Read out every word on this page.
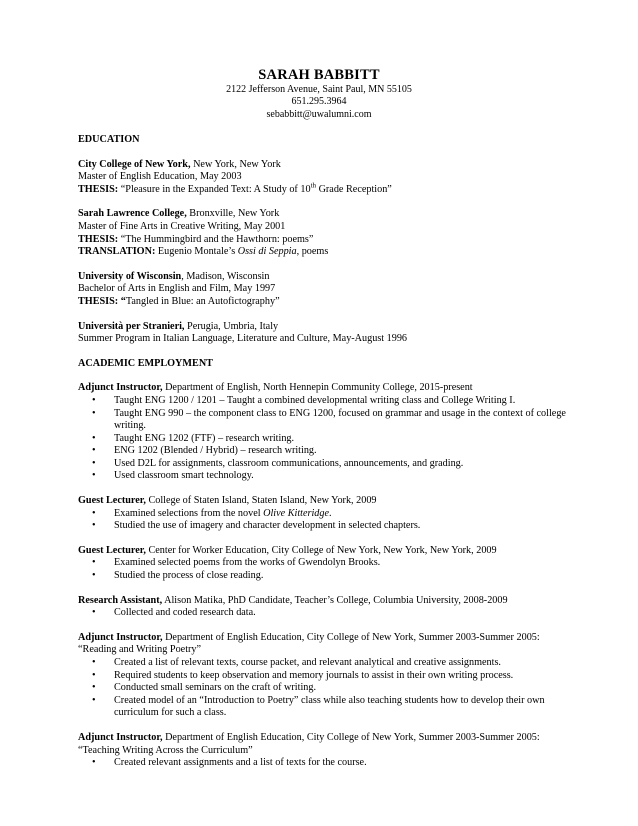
SARAH BABBITT
2122 Jefferson Avenue, Saint Paul, MN 55105
651.295.3964
sebabbitt@uwalumni.com
EDUCATION
City College of New York, New York, New York
Master of English Education, May 2003
THESIS: “Pleasure in the Expanded Text: A Study of 10th Grade Reception”
Sarah Lawrence College, Bronxville, New York
Master of Fine Arts in Creative Writing, May 2001
THESIS: “The Hummingbird and the Hawthorn: poems”
TRANSLATION: Eugenio Montale’s Ossi di Seppia, poems
University of Wisconsin, Madison, Wisconsin
Bachelor of Arts in English and Film, May 1997
THESIS: “Tangled in Blue: an Autofictography”
Università per Stranieri, Perugia, Umbria, Italy
Summer Program in Italian Language, Literature and Culture, May-August 1996
ACADEMIC EMPLOYMENT
Adjunct Instructor, Department of English, North Hennepin Community College, 2015-present
• Taught ENG 1200 / 1201 – Taught a combined developmental writing class and College Writing I.
• Taught ENG 990 – the component class to ENG 1200, focused on grammar and usage in the context of college writing.
• Taught ENG 1202 (FTF) – research writing.
• ENG 1202 (Blended / Hybrid) – research writing.
• Used D2L for assignments, classroom communications, announcements, and grading.
• Used classroom smart technology.
Guest Lecturer, College of Staten Island, Staten Island, New York, 2009
• Examined selections from the novel Olive Kitteridge.
• Studied the use of imagery and character development in selected chapters.
Guest Lecturer, Center for Worker Education, City College of New York, New York, New York, 2009
• Examined selected poems from the works of Gwendolyn Brooks.
• Studied the process of close reading.
Research Assistant, Alison Matika, PhD Candidate, Teacher’s College, Columbia University, 2008-2009
• Collected and coded research data.
Adjunct Instructor, Department of English Education, City College of New York, Summer 2003-Summer 2005:
“Reading and Writing Poetry”
• Created a list of relevant texts, course packet, and relevant analytical and creative assignments.
• Required students to keep observation and memory journals to assist in their own writing process.
• Conducted small seminars on the craft of writing.
• Created model of an “Introduction to Poetry” class while also teaching students how to develop their own curriculum for such a class.
Adjunct Instructor, Department of English Education, City College of New York, Summer 2003-Summer 2005:
“Teaching Writing Across the Curriculum”
• Created relevant assignments and a list of texts for the course.
